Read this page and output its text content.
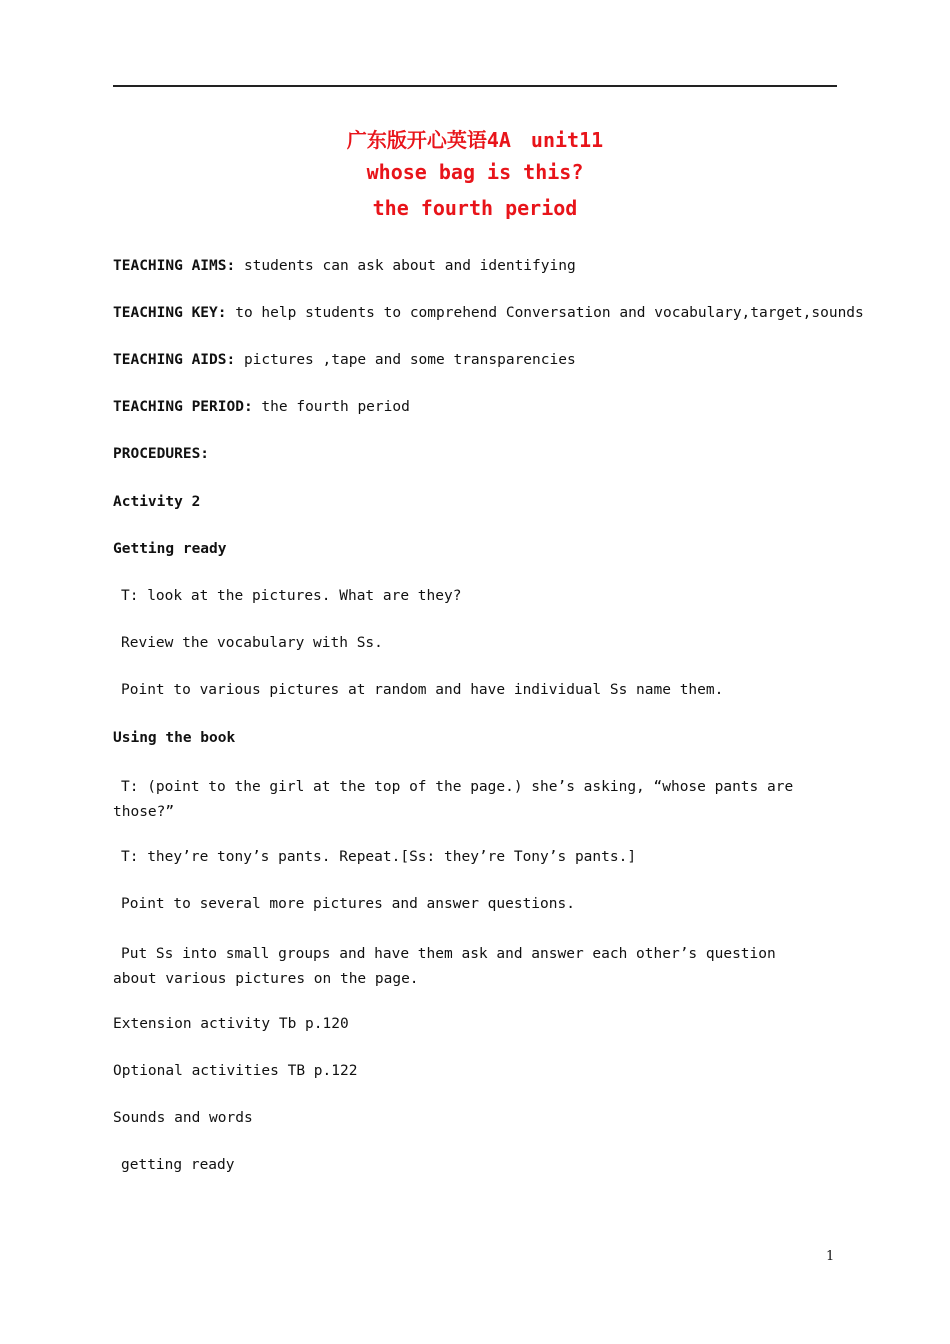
广东版开心英语4A　unit11
whose bag is this?
the fourth period
TEACHING AIMS: students can ask about and identifying
TEACHING KEY: to help students to comprehend Conversation and vocabulary,target,sounds
TEACHING AIDS: pictures ,tape and some transparencies
TEACHING PERIOD: the fourth period
PROCEDURES:
Activity 2
Getting ready
T: look at the pictures. What are they?
Review the vocabulary with Ss.
Point to various pictures at random and have individual Ss name them.
Using the book
T: (point to the girl at the top of the page.) she’s asking, “whose pants are those?”
T: they’re tony’s pants. Repeat.[Ss: they’re Tony’s pants.]
Point to several more pictures and answer questions.
Put Ss into small groups and have them ask and answer each other’s question about various pictures on the page.
Extension activity Tb p.120
Optional activities TB p.122
Sounds and words
getting ready
1
